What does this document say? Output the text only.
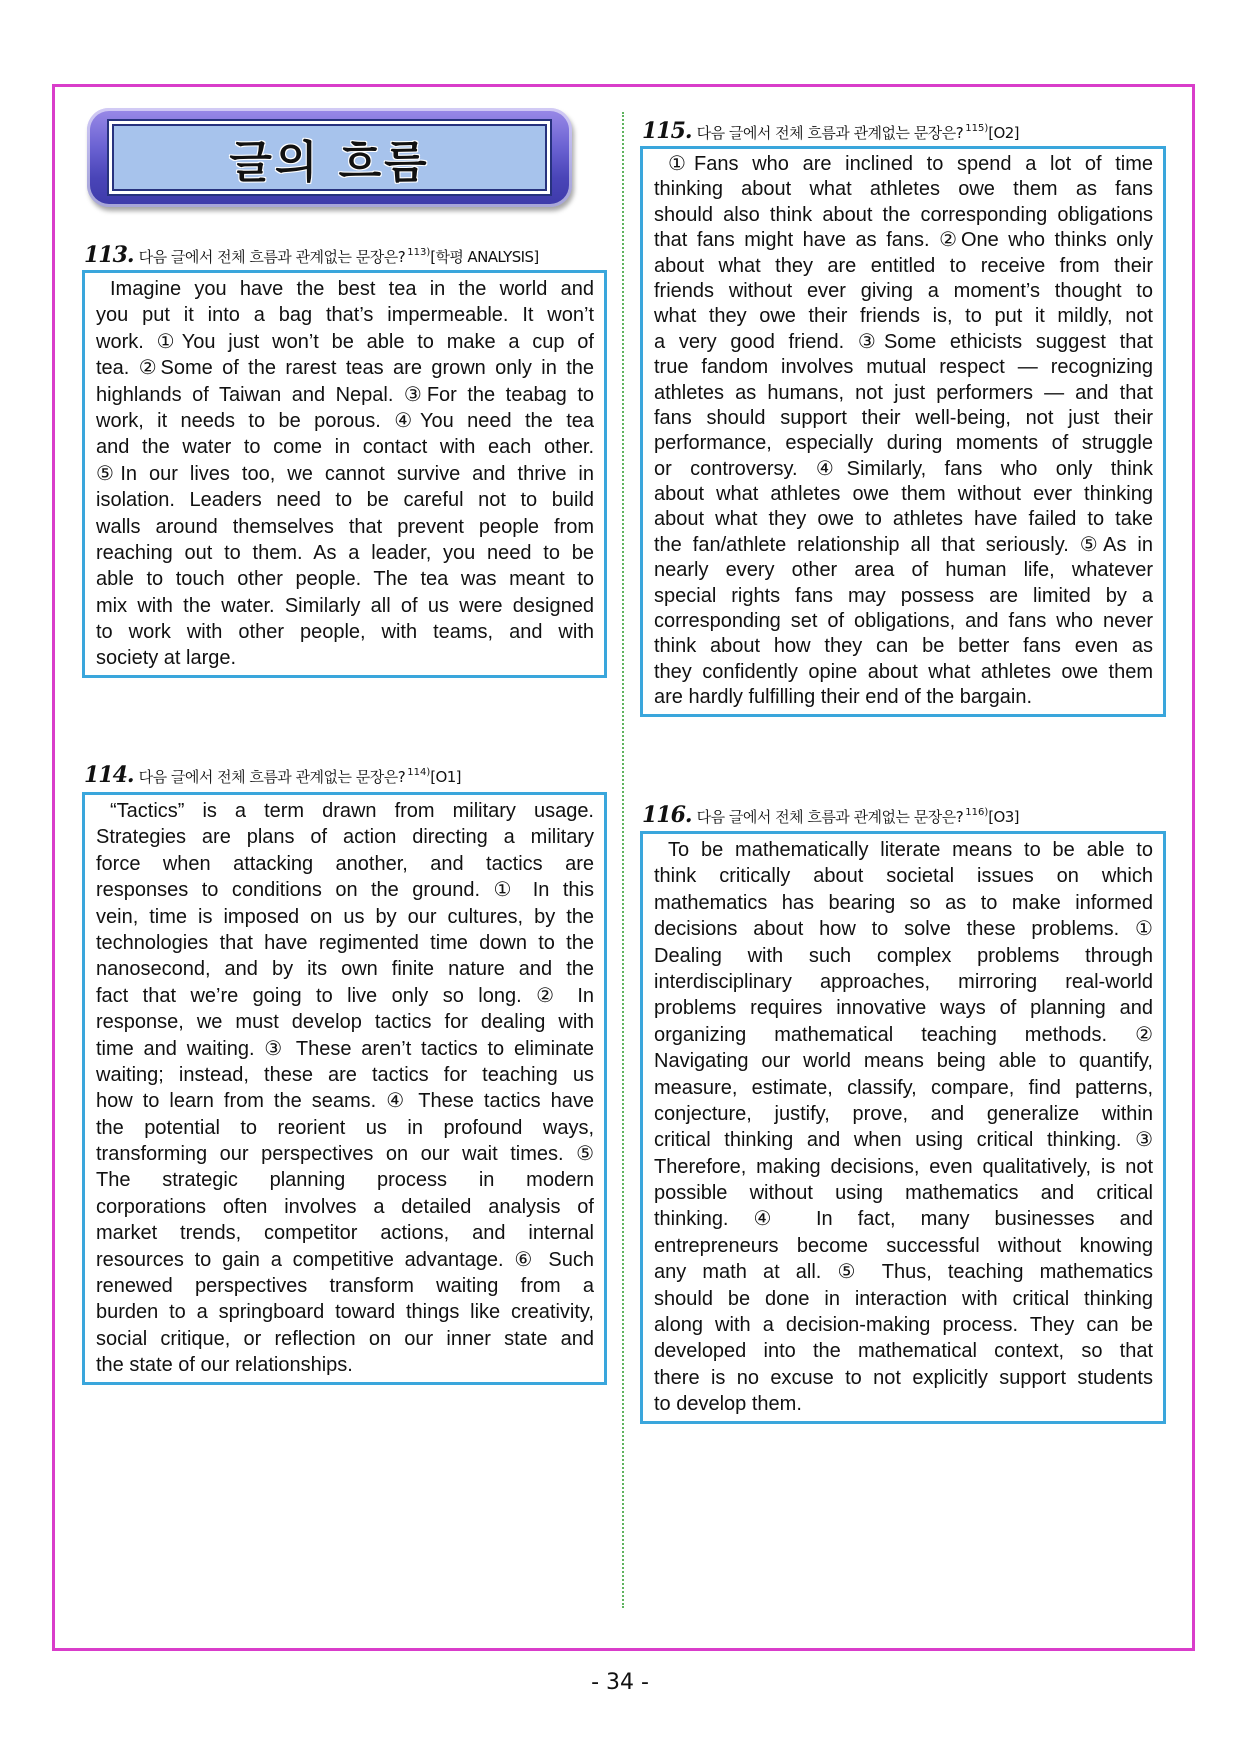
글의 흐름
113. 다음 글에서 전체 흐름과 관계없는 문장은? 113) [학평 ANALYSIS]
Imagine you have the best tea in the world and
you put it into a bag that’s impermeable. It won’t
work. ①You just won’t be able to make a cup of
tea. ②Some of the rarest teas are grown only in the
highlands of Taiwan and Nepal. ③For the teabag to
work, it needs to be porous. ④You need the tea
and the water to come in contact with each other.
⑤In our lives too, we cannot survive and thrive in
isolation. Leaders need to be careful not to build
walls around themselves that prevent people from
reaching out to them. As a leader, you need to be
able to touch other people. The tea was meant to
mix with the water. Similarly all of us were designed
to work with other people, with teams, and with
society at large.
114. 다음 글에서 전체 흐름과 관계없는 문장은? 114) [O1]
“Tactics” is a term drawn from military usage.
Strategies are plans of action directing a military
force when attacking another, and tactics are
responses to conditions on the ground. ① In this
vein, time is imposed on us by our cultures, by the
technologies that have regimented time down to the
nanosecond, and by its own finite nature and the
fact that we’re going to live only so long. ② In
response, we must develop tactics for dealing with
time and waiting. ③ These aren’t tactics to eliminate
waiting; instead, these are tactics for teaching us
how to learn from the seams. ④ These tactics have
the potential to reorient us in profound ways,
transforming our perspectives on our wait times. ⑤
The strategic planning process in modern
corporations often involves a detailed analysis of
market trends, competitor actions, and internal
resources to gain a competitive advantage. ⑥ Such
renewed perspectives transform waiting from a
burden to a springboard toward things like creativity,
social critique, or reflection on our inner state and
the state of our relationships.
115. 다음 글에서 전체 흐름과 관계없는 문장은? 115) [O2]
①Fans who are inclined to spend a lot of time
thinking about what athletes owe them as fans
should also think about the corresponding obligations
that fans might have as fans. ②One who thinks only
about what they are entitled to receive from their
friends without ever giving a moment’s thought to
what they owe their friends is, to put it mildly, not
a very good friend. ③Some ethicists suggest that
true fandom involves mutual respect — recognizing
athletes as humans, not just performers — and that
fans should support their well-being, not just their
performance, especially during moments of struggle
or controversy. ④Similarly, fans who only think
about what athletes owe them without ever thinking
about what they owe to athletes have failed to take
the fan/athlete relationship all that seriously. ⑤As in
nearly every other area of human life, whatever
special rights fans may possess are limited by a
corresponding set of obligations, and fans who never
think about how they can be better fans even as
they confidently opine about what athletes owe them
are hardly fulfilling their end of the bargain.
116. 다음 글에서 전체 흐름과 관계없는 문장은? 116) [O3]
To be mathematically literate means to be able to
think critically about societal issues on which
mathematics has bearing so as to make informed
decisions about how to solve these problems. ①
Dealing with such complex problems through
interdisciplinary approaches, mirroring real-world
problems requires innovative ways of planning and
organizing mathematical teaching methods. ②
Navigating our world means being able to quantify,
measure, estimate, classify, compare, find patterns,
conjecture, justify, prove, and generalize within
critical thinking and when using critical thinking. ③
Therefore, making decisions, even qualitatively, is not
possible without using mathematics and critical
thinking. ④ In fact, many businesses and
entrepreneurs become successful without knowing
any math at all. ⑤ Thus, teaching mathematics
should be done in interaction with critical thinking
along with a decision-making process. They can be
developed into the mathematical context, so that
there is no excuse to not explicitly support students
to develop them.
- 34 -
